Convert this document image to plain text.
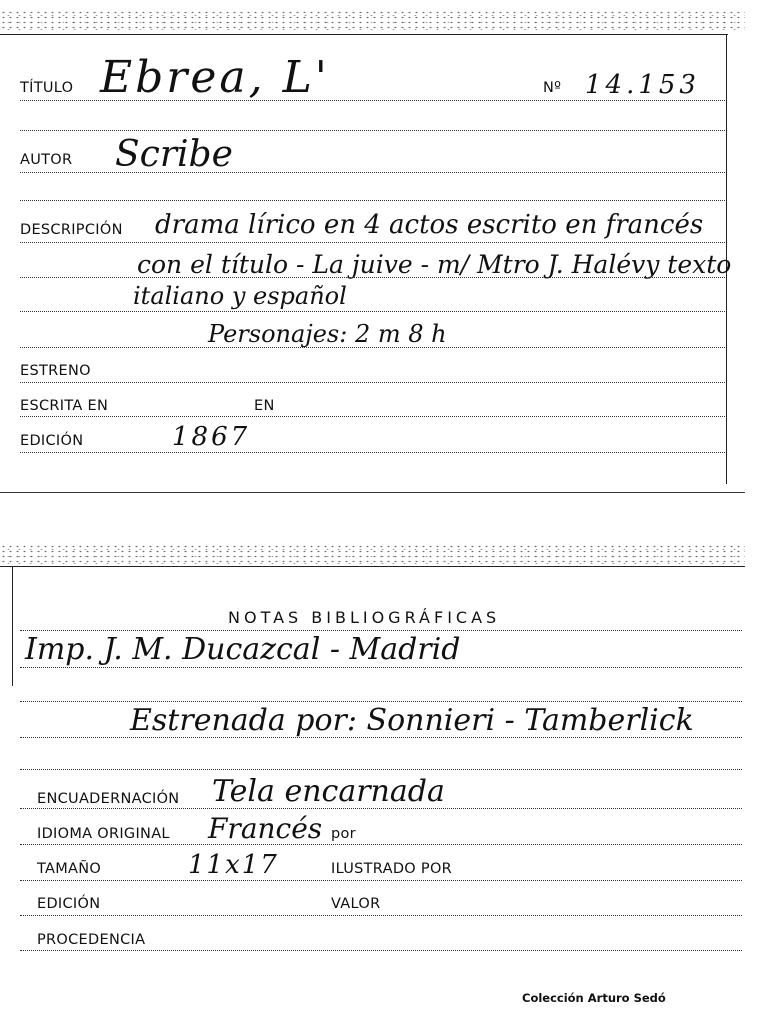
TÍTULO Ebrea, L'	Nº 14.153
AUTOR Scribe
DESCRIPCIÓN drama lírico en 4 actos escrito en francés
con el título - La juive - m/ Mtro J. Halévy texto
italiano y español
Personajes: 2 m 8 h
ESTRENO
ESCRITA EN	EN
EDICIÓN	1867
NOTAS BIBLIOGRÁFICAS
Imp. J. M. Ducazcal - Madrid
Estrenada por: Sonnieri - Tamberlick
ENCUADERNACIÓN Tela encarnada
IDIOMA ORIGINAL Francés por
TAMAÑO	11x17	ILUSTRADO POR
EDICIÓN	VALOR
PROCEDENCIA
Colección Arturo Sedó
